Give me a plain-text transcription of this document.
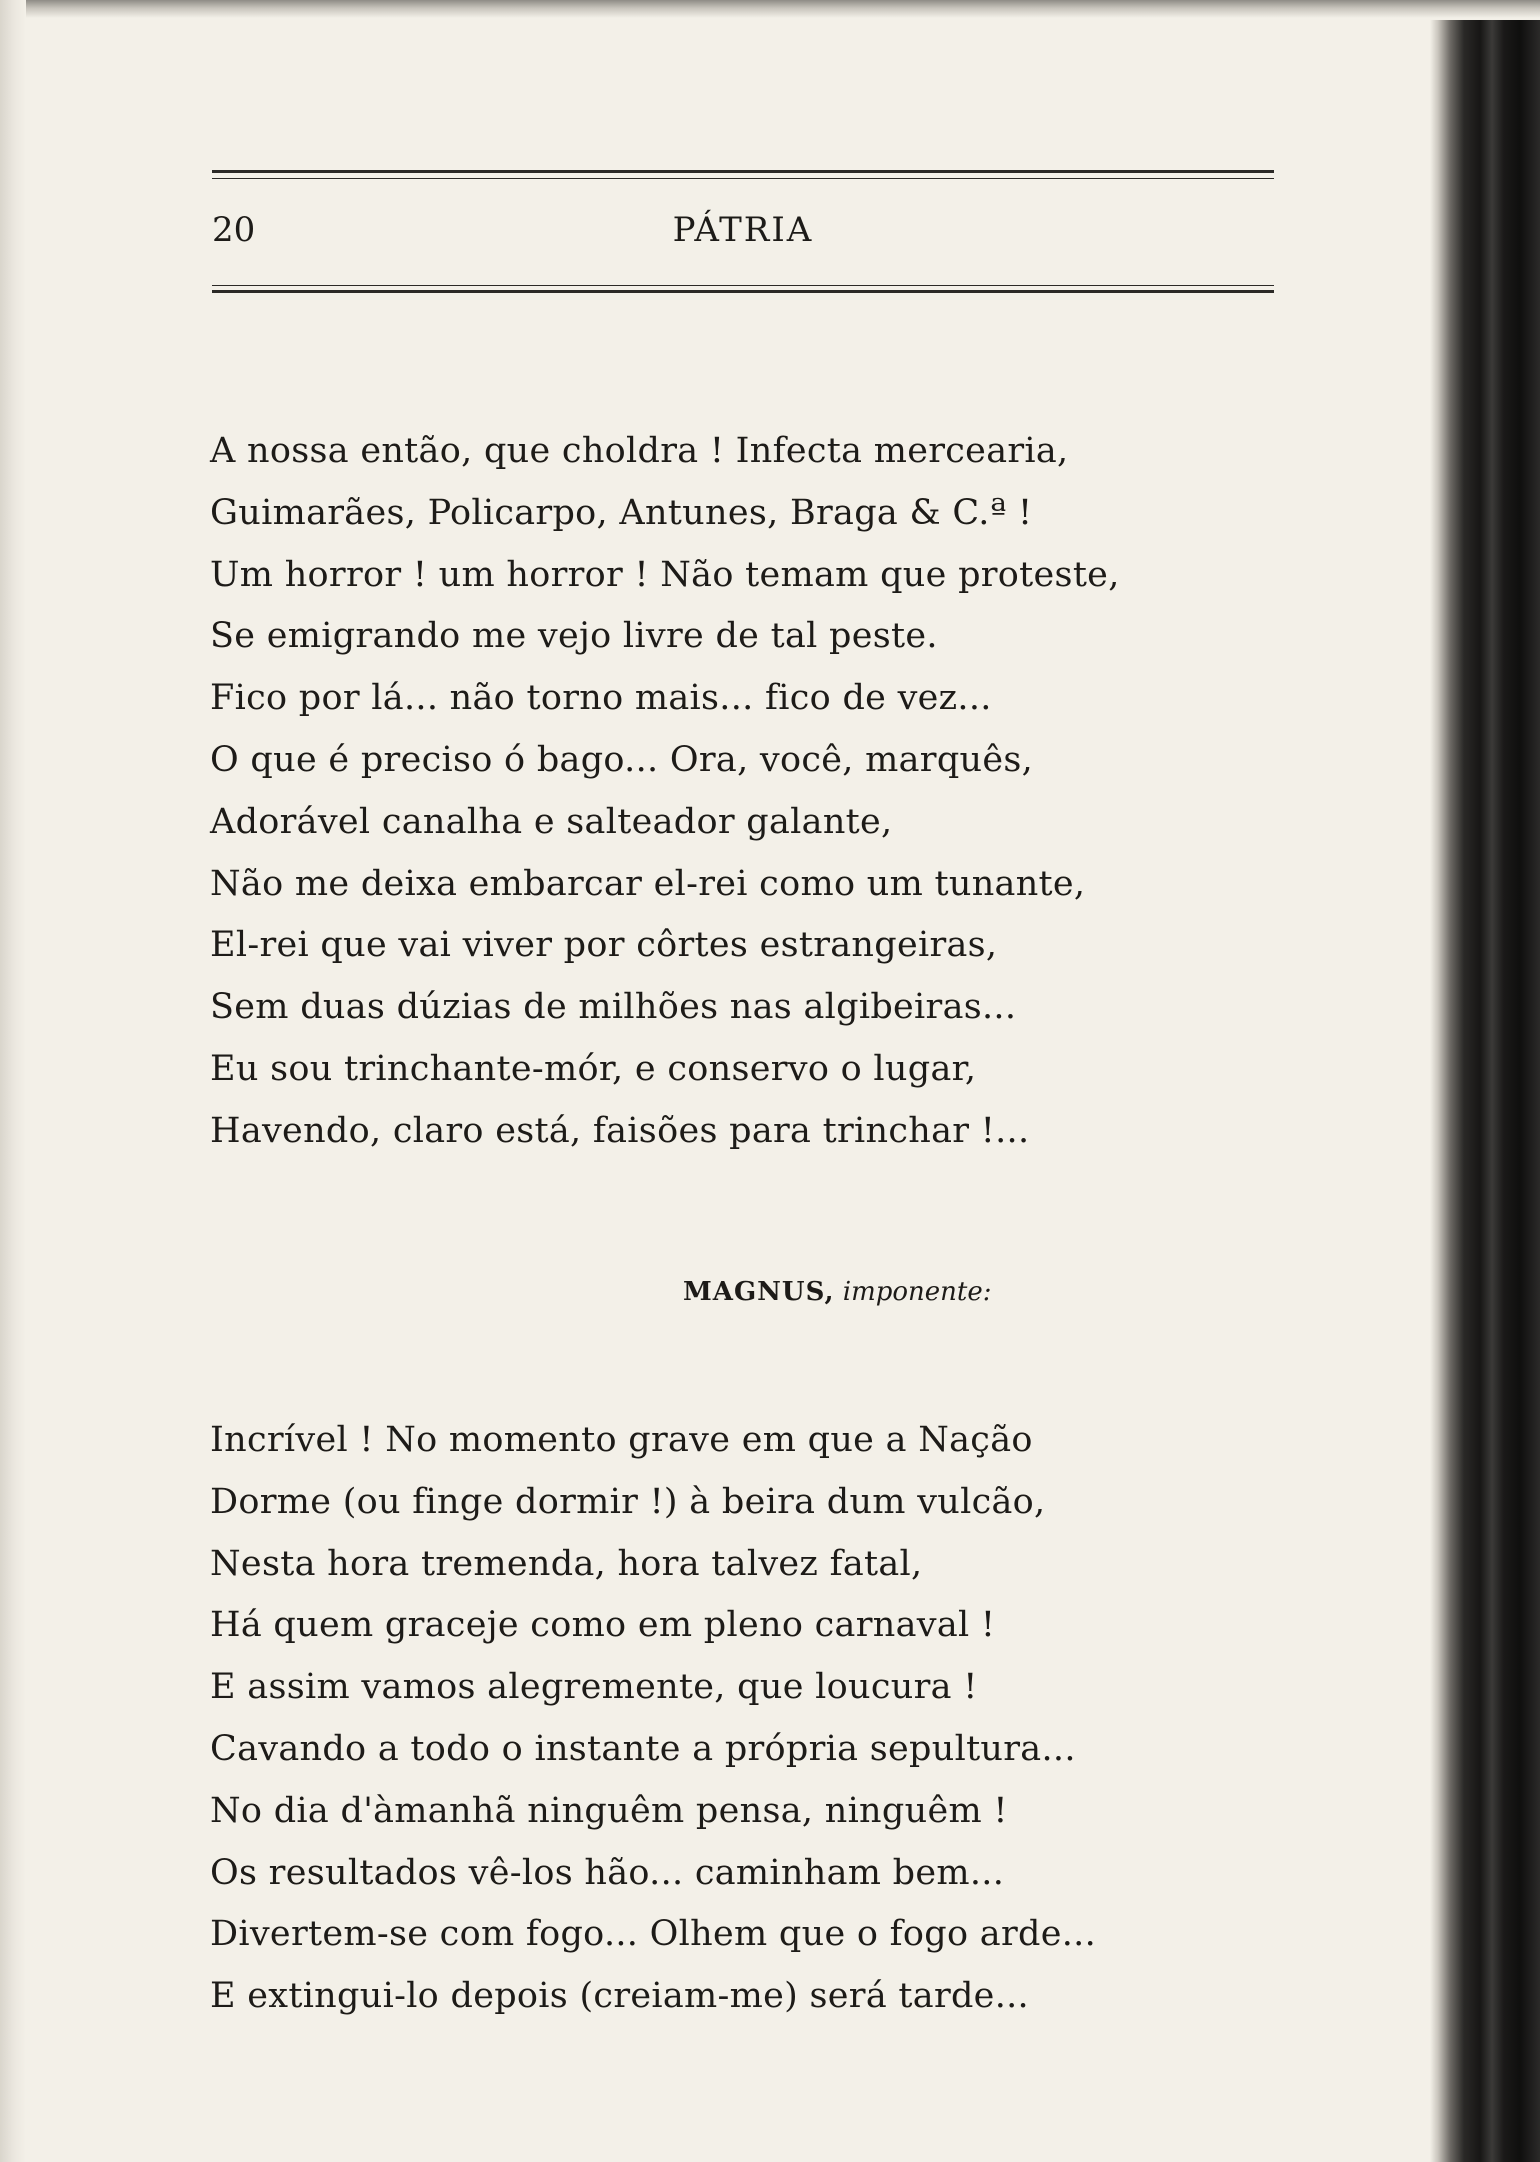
20	PÁTRIA
A nossa então, que choldra ! Infecta mercearia,
Guimarães, Policarpo, Antunes, Braga & C.ª !
Um horror ! um horror ! Não temam que proteste,
Se emigrando me vejo livre de tal peste.
Fico por lá... não torno mais... fico de vez...
O que é preciso ó bago... Ora, você, marquês,
Adorável canalha e salteador galante,
Não me deixa embarcar el-rei como um tunante,
El-rei que vai viver por côrtes estrangeiras,
Sem duas dúzias de milhões nas algibeiras...
Eu sou trinchante-mór, e conservo o lugar,
Havendo, claro está, faisões para trinchar !...
MAGNUS, imponente:
Incrível ! No momento grave em que a Nação
Dorme (ou finge dormir !) à beira dum vulcão,
Nesta hora tremenda, hora talvez fatal,
Há quem graceje como em pleno carnaval !
E assim vamos alegremente, que loucura !
Cavando a todo o instante a própria sepultura...
No dia d'àmanhã ninguêm pensa, ninguêm !
Os resultados vê-los hão... caminham bem...
Divertem-se com fogo... Olhem que o fogo arde...
E extingui-lo depois (creiam-me) será tarde...
